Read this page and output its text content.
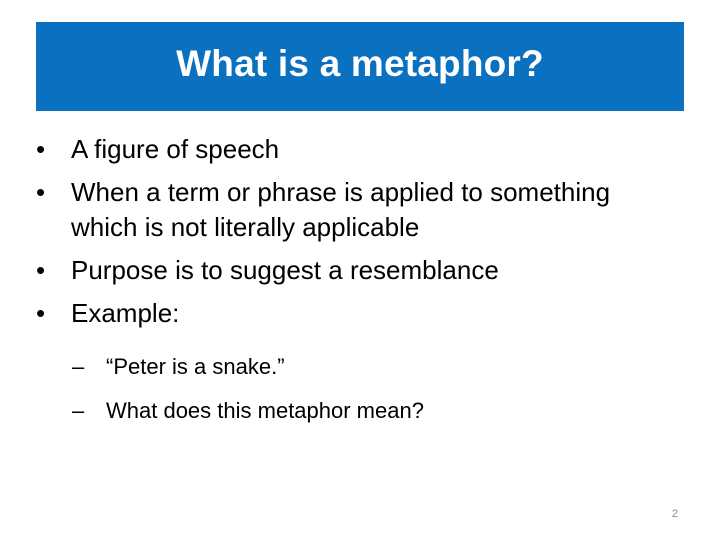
What is a metaphor?
• A figure of speech
• When a term or phrase is applied to something which is not literally applicable
• Purpose is to suggest a resemblance
• Example:
– “Peter is a snake.”
– What does this metaphor mean?
2
